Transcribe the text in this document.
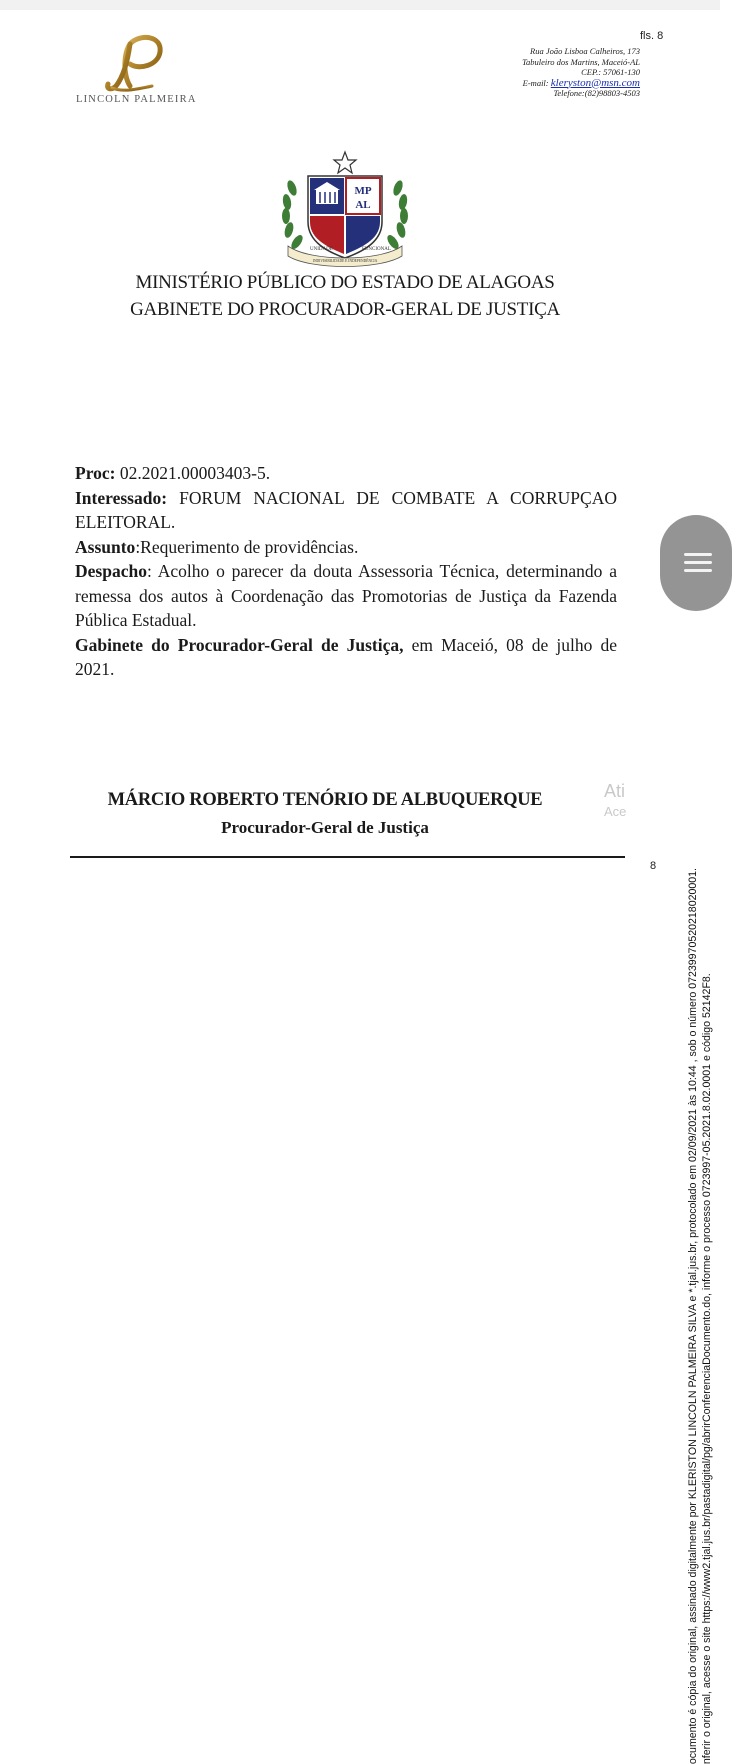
fls. 8
LINCOLN PALMEIRA
Rua João Lisboa Calheiros, 173
Tabuleiro dos Martins, Maceió-AL
CEP.: 57061-130
E-mail: kleryston@msn.com
Telefone:(82)98803-4503
MP
AL
UNIDADE	FUNCIONAL
INDIVISIBILIDADE E INDEPENDÊNCIA
MINISTÉRIO PÚBLICO DO ESTADO DE ALAGOAS
GABINETE DO PROCURADOR-GERAL DE JUSTIÇA

Proc: 02.2021.00003403-5.

Interessado: FORUM NACIONAL DE COMBATE A CORRUPÇAO ELEITORAL.

Assunto:Requerimento de providências.

Despacho: Acolho o parecer da douta Assessoria Técnica, determinando a remessa dos autos à Coordenação das Promotorias de Justiça da Fazenda Pública Estadual.

Gabinete do Procurador-Geral de Justiça, em Maceió, 08 de julho de 2021.

MÁRCIO ROBERTO TENÓRIO DE ALBUQUERQUE
Procurador-Geral de Justiça
Ati
Ace
8
ocumento é cópia do original, assinado digitalmente por KLERISTON LINCOLN PALMEIRA SILVA e *.tjal.jus.br, protocolado em 02/09/2021 às 10:44 , sob o número 07239970520218020001. nferir o original, acesse o site https://www2.tjal.jus.br/pastadigital/pg/abrirConferenciaDocumento.do, informe o processo 0723997-05.2021.8.02.0001 e código 52142F8.
